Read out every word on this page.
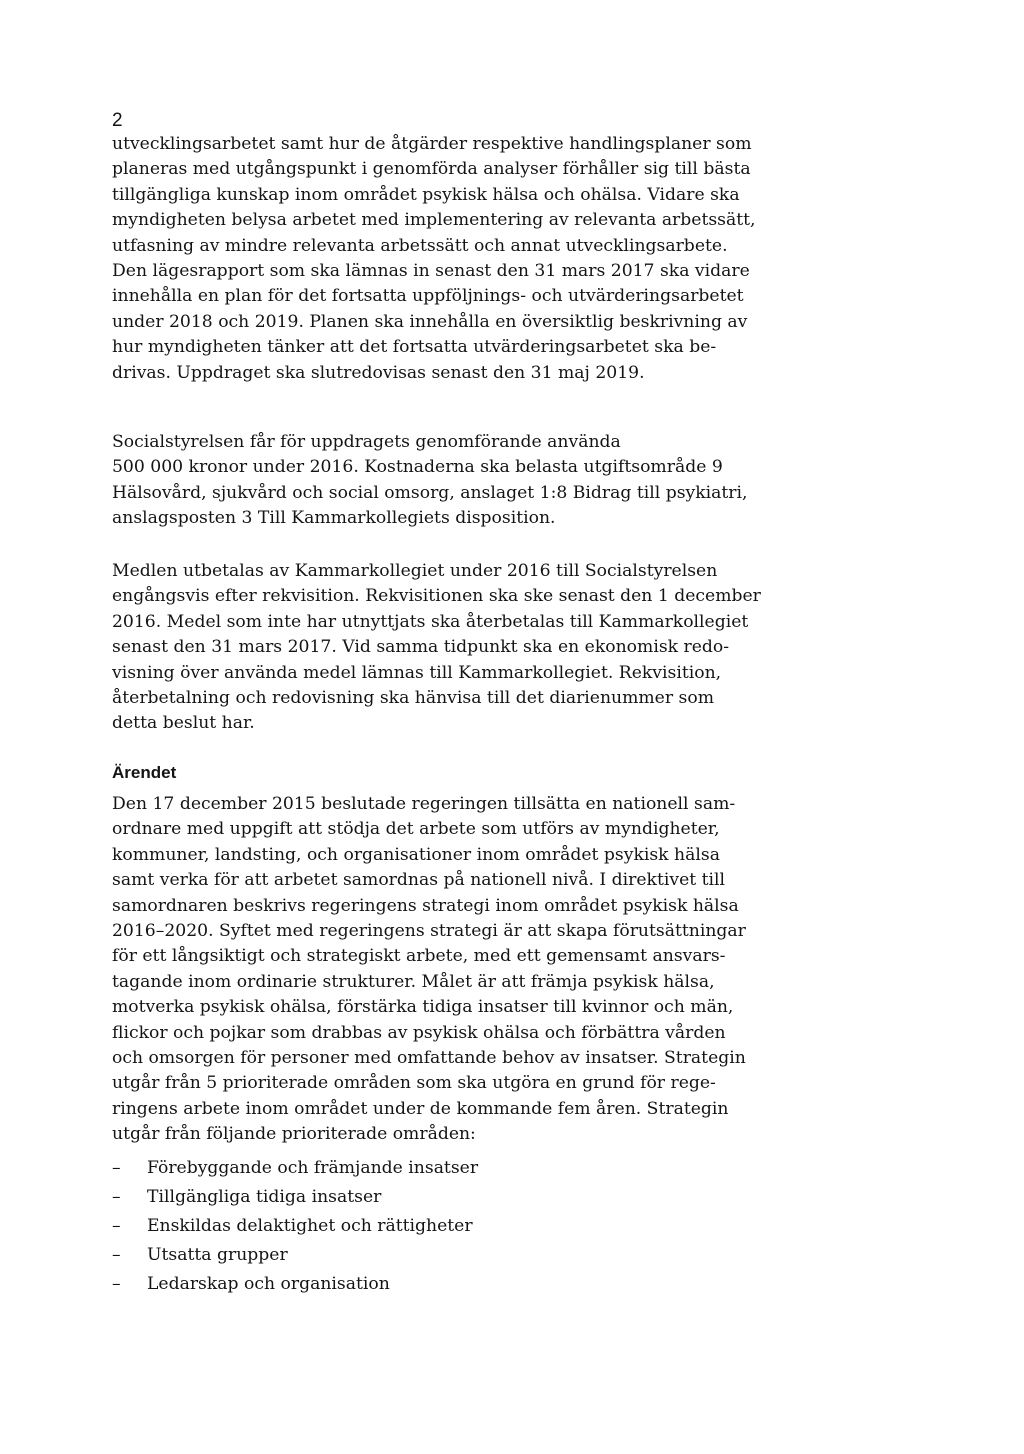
2
utvecklingsarbetet samt hur de åtgärder respektive handlingsplaner som
planeras med utgångspunkt i genomförda analyser förhåller sig till bästa
tillgängliga kunskap inom området psykisk hälsa och ohälsa. Vidare ska
myndigheten belysa arbetet med implementering av relevanta arbetssätt,
utfasning av mindre relevanta arbetssätt och annat utvecklingsarbete.
Den lägesrapport som ska lämnas in senast den 31 mars 2017 ska vidare
innehålla en plan för det fortsatta uppföljnings- och utvärderingsarbetet
under 2018 och 2019. Planen ska innehålla en översiktlig beskrivning av
hur myndigheten tänker att det fortsatta utvärderingsarbetet ska be-
drivas. Uppdraget ska slutredovisas senast den 31 maj 2019.
Socialstyrelsen får för uppdragets genomförande använda
500 000 kronor under 2016. Kostnaderna ska belasta utgiftsområde 9
Hälsovård, sjukvård och social omsorg, anslaget 1:8 Bidrag till psykiatri,
anslagsposten 3 Till Kammarkollegiets disposition.
Medlen utbetalas av Kammarkollegiet under 2016 till Socialstyrelsen
engångsvis efter rekvisition. Rekvisitionen ska ske senast den 1 december
2016. Medel som inte har utnyttjats ska återbetalas till Kammarkollegiet
senast den 31 mars 2017. Vid samma tidpunkt ska en ekonomisk redo-
visning över använda medel lämnas till Kammarkollegiet. Rekvisition,
återbetalning och redovisning ska hänvisa till det diarienummer som
detta beslut har.
Ärendet
Den 17 december 2015 beslutade regeringen tillsätta en nationell sam-
ordnare med uppgift att stödja det arbete som utförs av myndigheter,
kommuner, landsting, och organisationer inom området psykisk hälsa
samt verka för att arbetet samordnas på nationell nivå. I direktivet till
samordnaren beskrivs regeringens strategi inom området psykisk hälsa
2016–2020. Syftet med regeringens strategi är att skapa förutsättningar
för ett långsiktigt och strategiskt arbete, med ett gemensamt ansvars-
tagande inom ordinarie strukturer. Målet är att främja psykisk hälsa,
motverka psykisk ohälsa, förstärka tidiga insatser till kvinnor och män,
flickor och pojkar som drabbas av psykisk ohälsa och förbättra vården
och omsorgen för personer med omfattande behov av insatser. Strategin
utgår från 5 prioriterade områden som ska utgöra en grund för rege-
ringens arbete inom området under de kommande fem åren. Strategin
utgår från följande prioriterade områden:
– Förebyggande och främjande insatser
– Tillgängliga tidiga insatser
– Enskildas delaktighet och rättigheter
– Utsatta grupper
– Ledarskap och organisation
